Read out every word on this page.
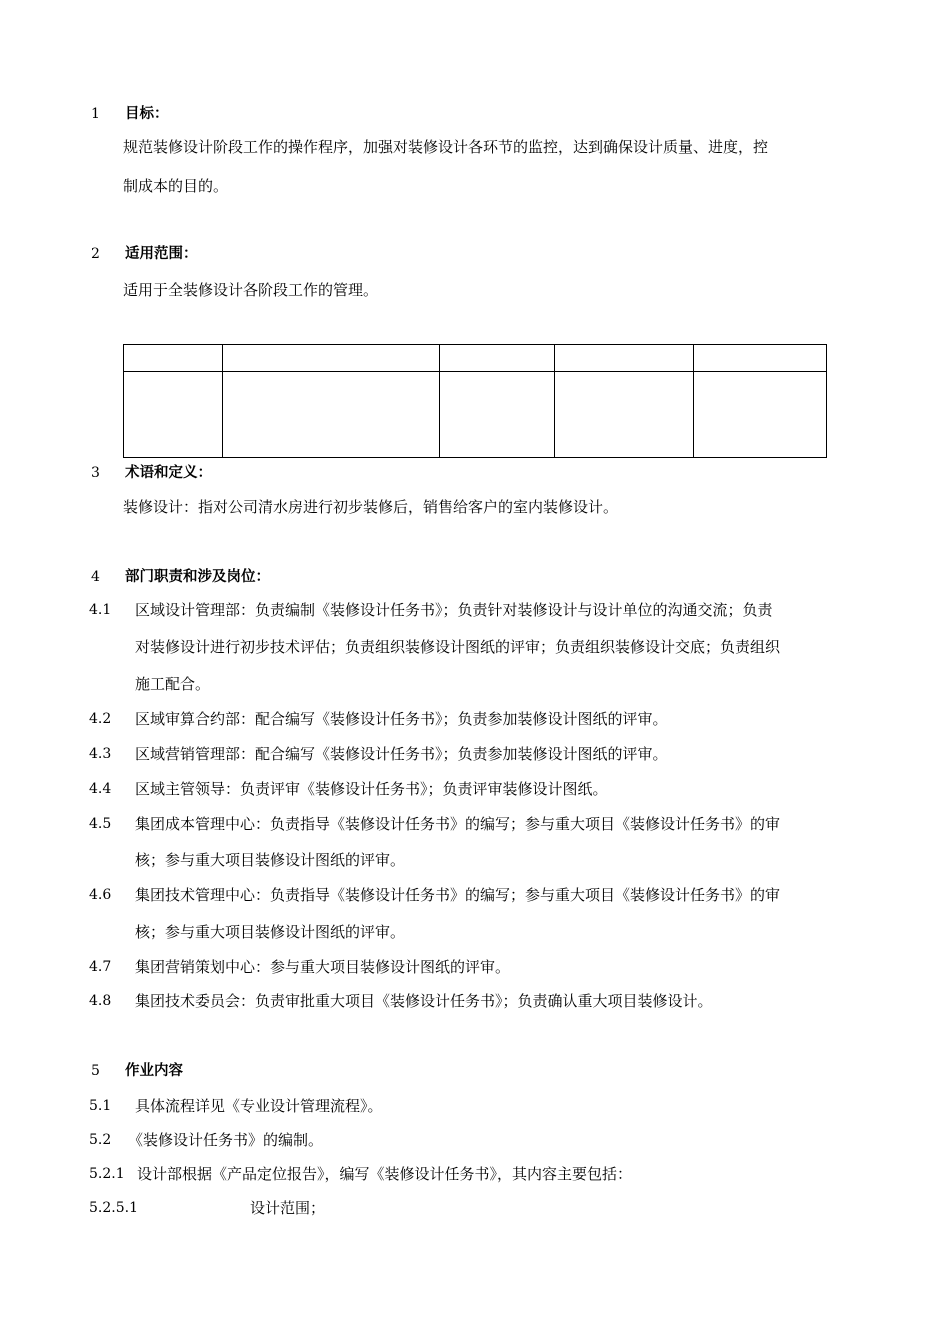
1 目标：
规范装修设计阶段工作的操作程序，加强对装修设计各环节的监控，达到确保设计质量、进度，控
制成本的目的。
2 适用范围：
适用于全装修设计各阶段工作的管理。

3 术语和定义：
装修设计：指对公司清水房进行初步装修后，销售给客户的室内装修设计。
4 部门职责和涉及岗位：
4.1 区域设计管理部：负责编制《装修设计任务书》；负责针对装修设计与设计单位的沟通交流；负责
对装修设计进行初步技术评估；负责组织装修设计图纸的评审；负责组织装修设计交底；负责组织
施工配合。
4.2 区域审算合约部：配合编写《装修设计任务书》；负责参加装修设计图纸的评审。
4.3 区域营销管理部：配合编写《装修设计任务书》；负责参加装修设计图纸的评审。
4.4 区域主管领导：负责评审《装修设计任务书》；负责评审装修设计图纸。
4.5 集团成本管理中心：负责指导《装修设计任务书》的编写；参与重大项目《装修设计任务书》的审
核；参与重大项目装修设计图纸的评审。
4.6 集团技术管理中心：负责指导《装修设计任务书》的编写；参与重大项目《装修设计任务书》的审
核；参与重大项目装修设计图纸的评审。
4.7 集团营销策划中心：参与重大项目装修设计图纸的评审。
4.8 集团技术委员会：负责审批重大项目《装修设计任务书》；负责确认重大项目装修设计。
5 作业内容
5.1 具体流程详见《专业设计管理流程》。
5.2 《装修设计任务书》的编制。
5.2.1 设计部根据《产品定位报告》，编写《装修设计任务书》，其内容主要包括：
5.2.5.1	设计范围；
